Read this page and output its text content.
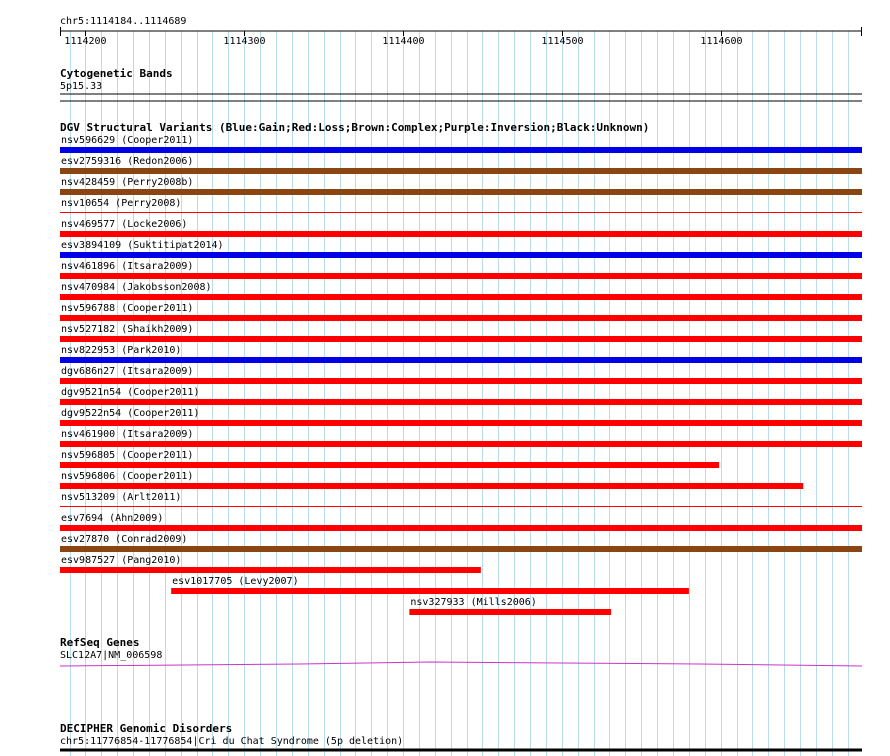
chr5:1114184..1114689
1114200	1114300	1114400	1114500	1114600
Cytogenetic Bands
5p15.33
DGV Structural Variants (Blue:Gain;Red:Loss;Brown:Complex;Purple:Inversion;Black:Unknown)
nsv596629 (Cooper2011)
esv2759316 (Redon2006)
nsv428459 (Perry2008b)
nsv10654 (Perry2008)
nsv469577 (Locke2006)
esv3894109 (Suktitipat2014)
nsv461896 (Itsara2009)
nsv470984 (Jakobsson2008)
nsv596788 (Cooper2011)
nsv527182 (Shaikh2009)
nsv822953 (Park2010)
dgv686n27 (Itsara2009)
dgv9521n54 (Cooper2011)
dgv9522n54 (Cooper2011)
nsv461900 (Itsara2009)
nsv596805 (Cooper2011)
nsv596806 (Cooper2011)
nsv513209 (Arlt2011)
esv7694 (Ahn2009)
esv27870 (Conrad2009)
esv987527 (Pang2010)
esv1017705 (Levy2007)
nsv327933 (Mills2006)
RefSeq Genes
SLC12A7|NM_006598
DECIPHER Genomic Disorders
chr5:11776854-11776854|Cri du Chat Syndrome (5p deletion)
